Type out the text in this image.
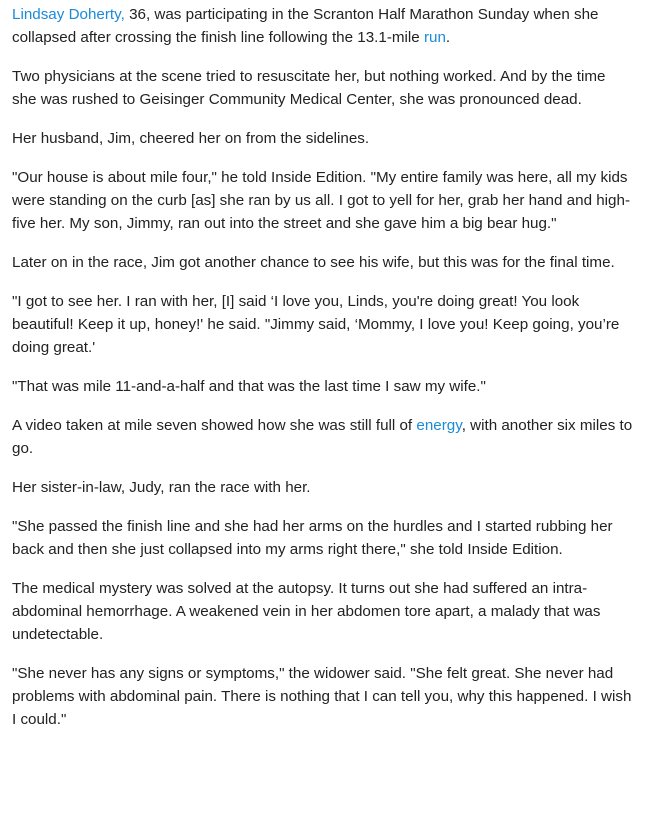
Lindsay Doherty, 36, was participating in the Scranton Half Marathon Sunday when she collapsed after crossing the finish line following the 13.1-mile run.

Two physicians at the scene tried to resuscitate her, but nothing worked. And by the time she was rushed to Geisinger Community Medical Center, she was pronounced dead.

Her husband, Jim, cheered her on from the sidelines.

"Our house is about mile four," he told Inside Edition. "My entire family was here, all my kids were standing on the curb [as] she ran by us all. I got to yell for her, grab her hand and high-five her. My son, Jimmy, ran out into the street and she gave him a big bear hug."

Later on in the race, Jim got another chance to see his wife, but this was for the final time.

"I got to see her. I ran with her, [I] said ‘I love you, Linds, you're doing great! You look beautiful! Keep it up, honey!' he said. "Jimmy said, ‘Mommy, I love you! Keep going, you’re doing great.'

"That was mile 11-and-a-half and that was the last time I saw my wife."

A video taken at mile seven showed how she was still full of energy, with another six miles to go.

Her sister-in-law, Judy, ran the race with her.

"She passed the finish line and she had her arms on the hurdles and I started rubbing her back and then she just collapsed into my arms right there," she told Inside Edition.

The medical mystery was solved at the autopsy. It turns out she had suffered an intra-abdominal hemorrhage. A weakened vein in her abdomen tore apart, a malady that was undetectable.

"She never has any signs or symptoms," the widower said. "She felt great. She never had problems with abdominal pain. There is nothing that I can tell you, why this happened. I wish I could."
